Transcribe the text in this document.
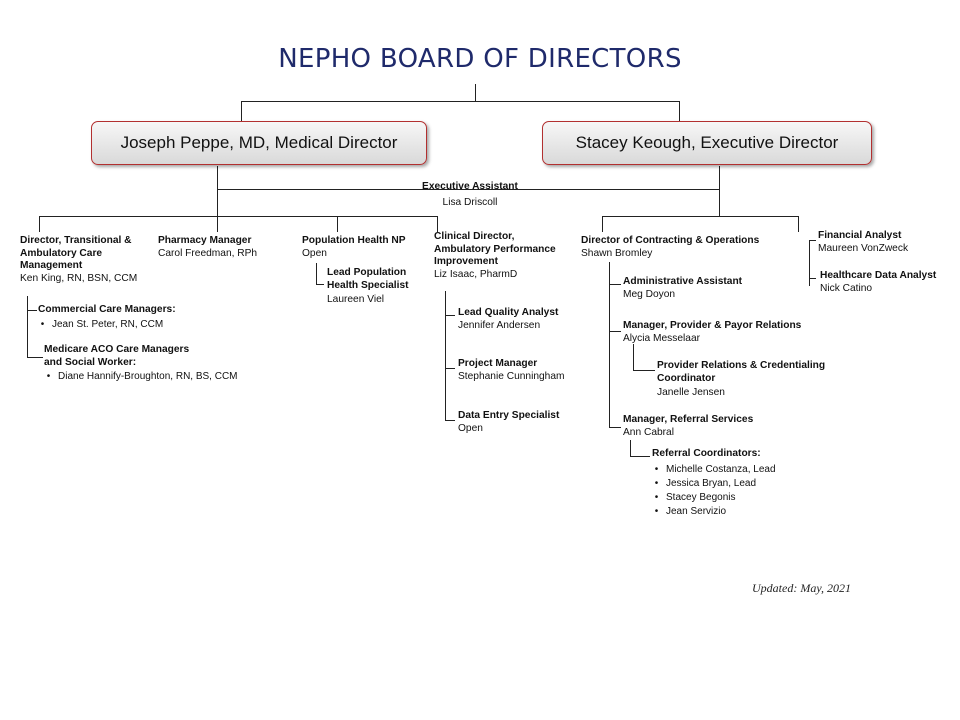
NEPHO BOARD OF DIRECTORS
Joseph Peppe, MD, Medical Director	Stacey Keough, Executive Director
Executive Assistant
Lisa Driscoll
Director, Transitional &
Ambulatory Care
Management
Ken King, RN, BSN, CCM
Commercial Care Managers:
• Jean St. Peter, RN, CCM
Medicare ACO Care Managers
and Social Worker:
• Diane Hannify-Broughton, RN, BS, CCM
Pharmacy Manager
Carol Freedman, RPh
Population Health NP
Open
Lead Population
Health Specialist
Laureen Viel
Clinical Director,
Ambulatory Performance
Improvement
Liz Isaac, PharmD
Lead Quality Analyst
Jennifer Andersen
Project Manager
Stephanie Cunningham
Data Entry Specialist
Open
Director of Contracting & Operations
Shawn Bromley
Administrative Assistant
Meg Doyon
Manager, Provider & Payor Relations
Alycia Messelaar
Provider Relations & Credentialing
Coordinator
Janelle Jensen
Manager, Referral Services
Ann Cabral
Referral Coordinators:
• Michelle Costanza, Lead
• Jessica Bryan, Lead
• Stacey Begonis
• Jean Servizio
Financial Analyst
Maureen VonZweck
Healthcare Data Analyst
Nick Catino
Updated: May, 2021
